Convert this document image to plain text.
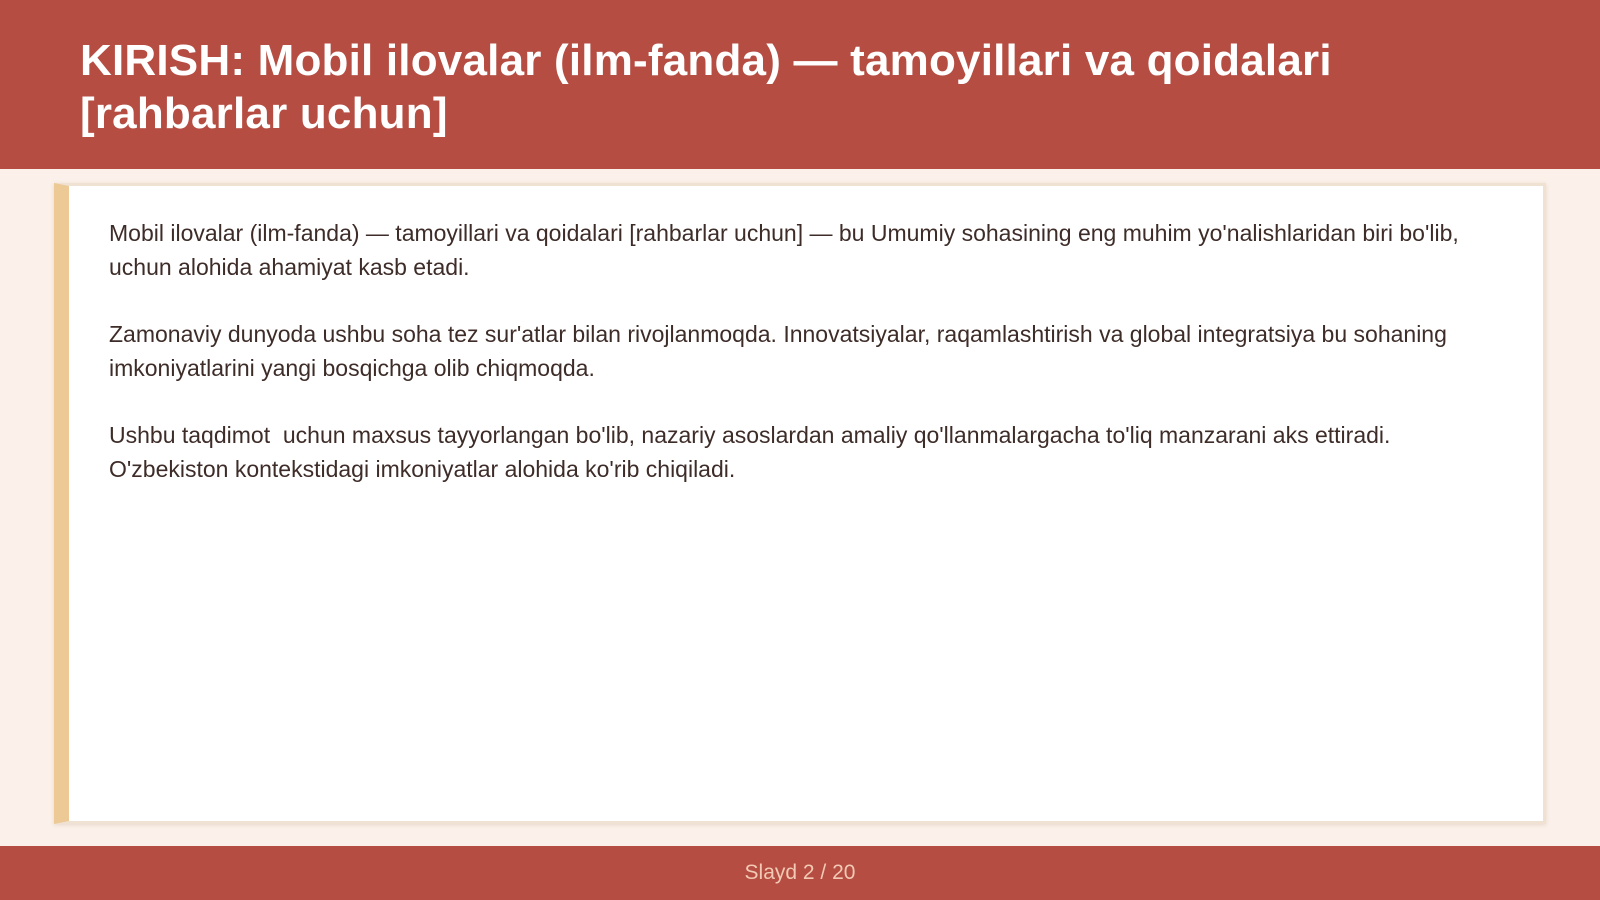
KIRISH: Mobil ilovalar (ilm-fanda) — tamoyillari va qoidalari [rahbarlar uchun]

Mobil ilovalar (ilm-fanda) — tamoyillari va qoidalari [rahbarlar uchun] — bu Umumiy sohasining eng muhim yo'nalishlaridan biri bo'lib,  uchun alohida ahamiyat kasb etadi.

Zamonaviy dunyoda ushbu soha tez sur'atlar bilan rivojlanmoqda. Innovatsiyalar, raqamlashtirish va global integratsiya bu sohaning imkoniyatlarini yangi bosqichga olib chiqmoqda.

Ushbu taqdimot  uchun maxsus tayyorlangan bo'lib, nazariy asoslardan amaliy qo'llanmalargacha to'liq manzarani aks ettiradi. O'zbekiston kontekstidagi imkoniyatlar alohida ko'rib chiqiladi.

Slayd 2 / 20
